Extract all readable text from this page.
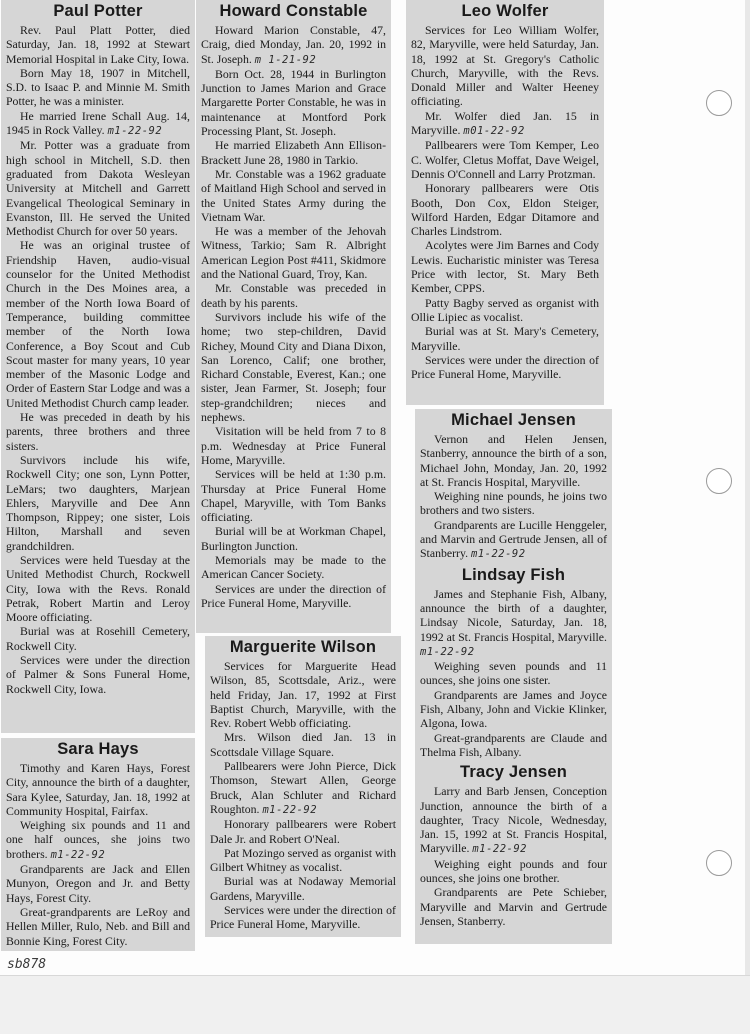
Paul Potter

Rev. Paul Platt Potter, died Saturday, Jan. 18, 1992 at Stewart Memorial Hospital in Lake City, Iowa.

Born May 18, 1907 in Mitchell, S.D. to Isaac P. and Minnie M. Smith Potter, he was a minister.

He married Irene Schall Aug. 14, 1945 in Rock Valley. m1-22-92

Mr. Potter was a graduate from high school in Mitchell, S.D. then graduated from Dakota Wesleyan University at Mitchell and Garrett Evangelical Theological Seminary in Evanston, Ill. He served the United Methodist Church for over 50 years.

He was an original trustee of Friendship Haven, audio-visual counselor for the United Methodist Church in the Des Moines area, a member of the North Iowa Board of Temperance, building committee member of the North Iowa Conference, a Boy Scout and Cub Scout master for many years, 10 year member of the Masonic Lodge and Order of Eastern Star Lodge and was a United Methodist Church camp leader.

He was preceded in death by his parents, three brothers and three sisters.

Survivors include his wife, Rockwell City; one son, Lynn Potter, LeMars; two daughters, Marjean Ehlers, Maryville and Dee Ann Thompson, Rippey; one sister, Lois Hilton, Marshall and seven grandchildren.

Services were held Tuesday at the United Methodist Church, Rockwell City, Iowa with the Revs. Ronald Petrak, Robert Martin and Leroy Moore officiating.

Burial was at Rosehill Cemetery, Rockwell City.

Services were under the direction of Palmer & Sons Funeral Home, Rockwell City, Iowa.

Sara Hays

Timothy and Karen Hays, Forest City, announce the birth of a daughter, Sara Kylee, Saturday, Jan. 18, 1992 at Community Hospital, Fairfax.

Weighing six pounds and 11 and one half ounces, she joins two brothers. m1-22-92

Grandparents are Jack and Ellen Munyon, Oregon and Jr. and Betty Hays, Forest City.

Great-grandparents are LeRoy and Hellen Miller, Rulo, Neb. and Bill and Bonnie King, Forest City.

Howard Constable

Howard Marion Constable, 47, Craig, died Monday, Jan. 20, 1992 in St. Joseph. m 1-21-92

Born Oct. 28, 1944 in Burlington Junction to James Marion and Grace Margarette Porter Constable, he was in maintenance at Montford Pork Processing Plant, St. Joseph.

He married Elizabeth Ann Ellison-Brackett June 28, 1980 in Tarkio.

Mr. Constable was a 1962 graduate of Maitland High School and served in the United States Army during the Vietnam War.

He was a member of the Jehovah Witness, Tarkio; Sam R. Albright American Legion Post #411, Skidmore and the National Guard, Troy, Kan.

Mr. Constable was preceded in death by his parents.

Survivors include his wife of the home; two step-children, David Richey, Mound City and Diana Dixon, San Lorenco, Calif; one brother, Richard Constable, Everest, Kan.; one sister, Jean Farmer, St. Joseph; four step-grandchildren; nieces and nephews.

Visitation will be held from 7 to 8 p.m. Wednesday at Price Funeral Home, Maryville.

Services will be held at 1:30 p.m. Thursday at Price Funeral Home Chapel, Maryville, with Tom Banks officiating.

Burial will be at Workman Chapel, Burlington Junction.

Memorials may be made to the American Cancer Society.

Services are under the direction of Price Funeral Home, Maryville.

Marguerite Wilson

Services for Marguerite Head Wilson, 85, Scottsdale, Ariz., were held Friday, Jan. 17, 1992 at First Baptist Church, Maryville, with the Rev. Robert Webb officiating.

Mrs. Wilson died Jan. 13 in Scottsdale Village Square.

Pallbearers were John Pierce, Dick Thomson, Stewart Allen, George Bruck, Alan Schluter and Richard Roughton. m1-22-92

Honorary pallbearers were Robert Dale Jr. and Robert O'Neal.

Pat Mozingo served as organist with Gilbert Whitney as vocalist.

Burial was at Nodaway Memorial Gardens, Maryville.

Services were under the direction of Price Funeral Home, Maryville.

Leo Wolfer

Services for Leo William Wolfer, 82, Maryville, were held Saturday, Jan. 18, 1992 at St. Gregory's Catholic Church, Maryville, with the Revs. Donald Miller and Walter Heeney officiating.

Mr. Wolfer died Jan. 15 in Maryville. m01-22-92

Pallbearers were Tom Kemper, Leo C. Wolfer, Cletus Moffat, Dave Weigel, Dennis O'Connell and Larry Protzman.

Honorary pallbearers were Otis Booth, Don Cox, Eldon Steiger, Wilford Harden, Edgar Ditamore and Charles Lindstrom.

Acolytes were Jim Barnes and Cody Lewis. Eucharistic minister was Teresa Price with lector, St. Mary Beth Kember, CPPS.

Patty Bagby served as organist with Ollie Lipiec as vocalist.

Burial was at St. Mary's Cemetery, Maryville.

Services were under the direction of Price Funeral Home, Maryville.

Michael Jensen

Vernon and Helen Jensen, Stanberry, announce the birth of a son, Michael John, Monday, Jan. 20, 1992 at St. Francis Hospital, Maryville.

Weighing nine pounds, he joins two brothers and two sisters.

Grandparents are Lucille Henggeler, and Marvin and Gertrude Jensen, all of Stanberry. m1-22-92

Lindsay Fish

James and Stephanie Fish, Albany, announce the birth of a daughter, Lindsay Nicole, Saturday, Jan. 18, 1992 at St. Francis Hospital, Maryville. m1-22-92

Weighing seven pounds and 11 ounces, she joins one sister.

Grandparents are James and Joyce Fish, Albany, John and Vickie Klinker, Algona, Iowa.

Great-grandparents are Claude and Thelma Fish, Albany.

Tracy Jensen

Larry and Barb Jensen, Conception Junction, announce the birth of a daughter, Tracy Nicole, Wednesday, Jan. 15, 1992 at St. Francis Hospital, Maryville. m1-22-92

Weighing eight pounds and four ounces, she joins one brother.

Grandparents are Pete Schieber, Maryville and Marvin and Gertrude Jensen, Stanberry.

sb878
